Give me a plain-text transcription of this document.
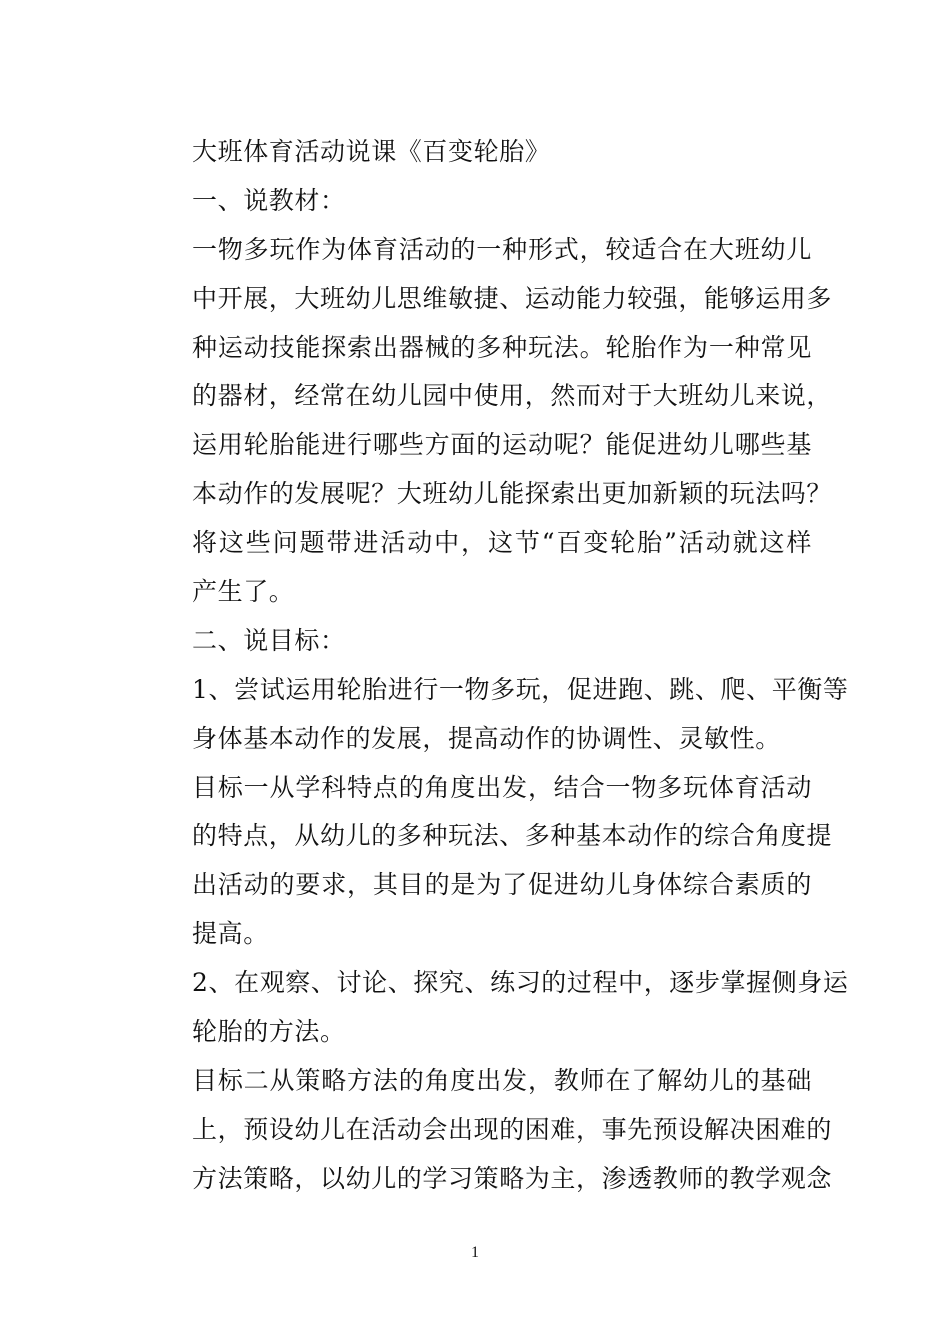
大班体育活动说课《百变轮胎》
一、说教材：
一物多玩作为体育活动的一种形式，较适合在大班幼儿
中开展，大班幼儿思维敏捷、运动能力较强，能够运用多
种运动技能探索出器械的多种玩法。轮胎作为一种常见
的器材，经常在幼儿园中使用，然而对于大班幼儿来说，
运用轮胎能进行哪些方面的运动呢？能促进幼儿哪些基
本动作的发展呢？大班幼儿能探索出更加新颖的玩法吗？
将这些问题带进活动中，这节“百变轮胎”活动就这样
产生了。
二、说目标：
1、尝试运用轮胎进行一物多玩，促进跑、跳、爬、平衡等
身体基本动作的发展，提高动作的协调性、灵敏性。
目标一从学科特点的角度出发，结合一物多玩体育活动
的特点，从幼儿的多种玩法、多种基本动作的综合角度提
出活动的要求，其目的是为了促进幼儿身体综合素质的
提高。
2、在观察、讨论、探究、练习的过程中，逐步掌握侧身运
轮胎的方法。
目标二从策略方法的角度出发，教师在了解幼儿的基础
上，预设幼儿在活动会出现的困难，事先预设解决困难的
方法策略，以幼儿的学习策略为主，渗透教师的教学观念
1
